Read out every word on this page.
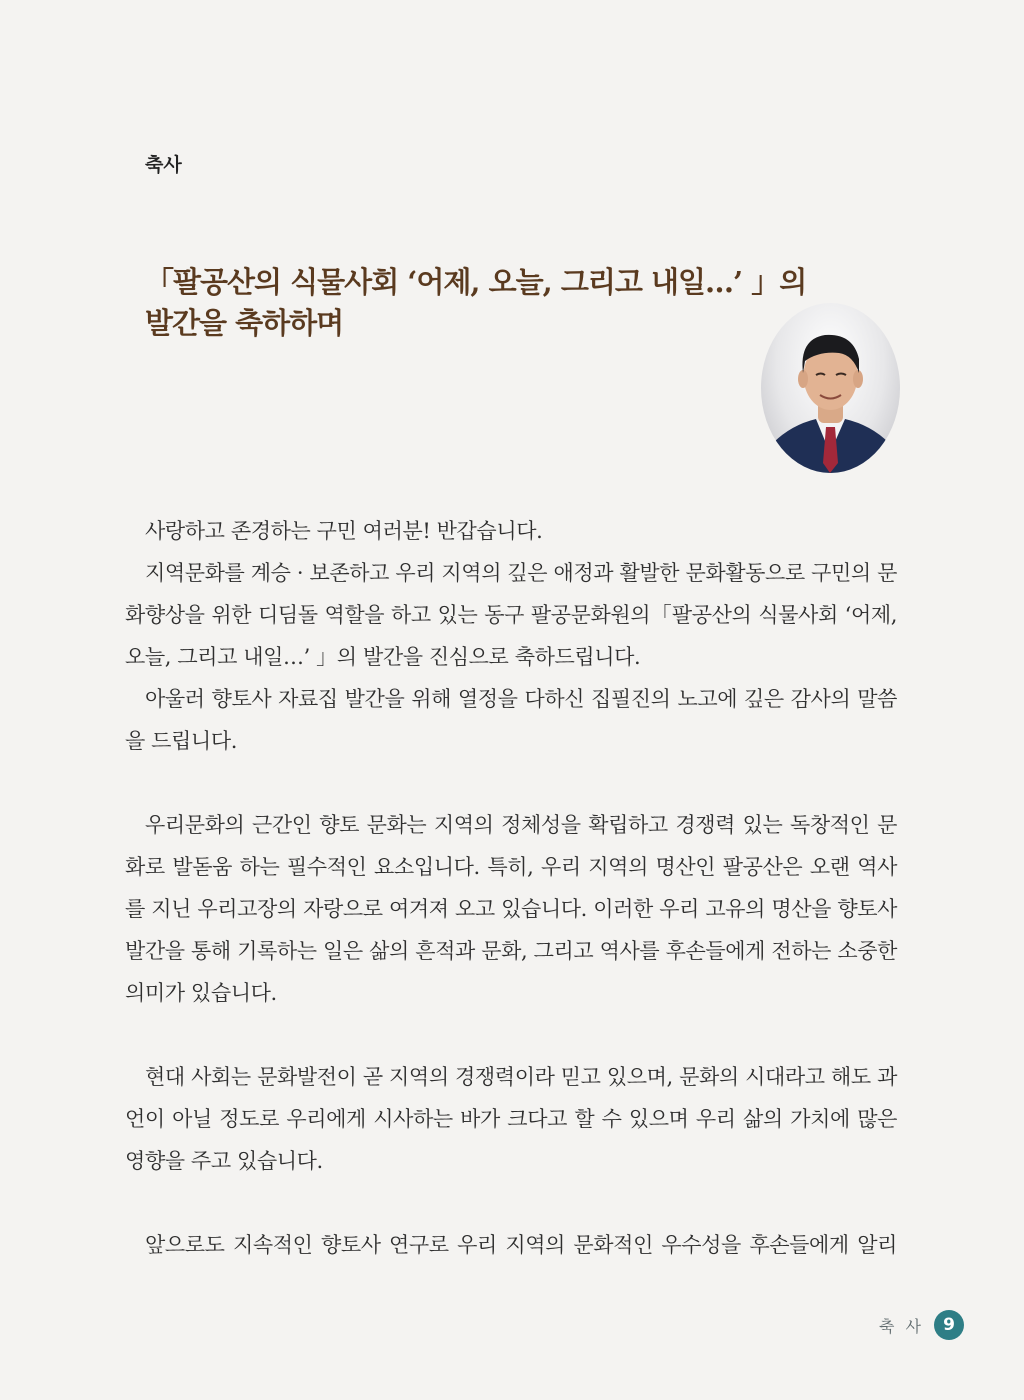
축사
「팔공산의 식물사회 ‘어제, 오늘, 그리고 내일…’ 」의
발간을 축하하며
사랑하고 존경하는 구민 여러분! 반갑습니다.
지역문화를 계승 · 보존하고 우리 지역의 깊은 애정과 활발한 문화활동으로 구민의 문
화향상을 위한 디딤돌 역할을 하고 있는 동구 팔공문화원의「팔공산의 식물사회 ‘어제,
오늘, 그리고 내일…’ 」의 발간을 진심으로 축하드립니다.
아울러 향토사 자료집 발간을 위해 열정을 다하신 집필진의 노고에 깊은 감사의 말씀
을 드립니다.
우리문화의 근간인 향토 문화는 지역의 정체성을 확립하고 경쟁력 있는 독창적인 문
화로 발돋움 하는 필수적인 요소입니다. 특히, 우리 지역의 명산인 팔공산은 오랜 역사
를 지닌 우리고장의 자랑으로 여겨져 오고 있습니다. 이러한 우리 고유의 명산을 향토사
발간을 통해 기록하는 일은 삶의 흔적과 문화, 그리고 역사를 후손들에게 전하는 소중한
의미가 있습니다.
현대 사회는 문화발전이 곧 지역의 경쟁력이라 믿고 있으며, 문화의 시대라고 해도 과
언이 아닐 정도로 우리에게 시사하는 바가 크다고 할 수 있으며 우리 삶의 가치에 많은
영향을 주고 있습니다.
앞으로도 지속적인 향토사 연구로 우리 지역의 문화적인 우수성을 후손들에게 알리
축 사	9
